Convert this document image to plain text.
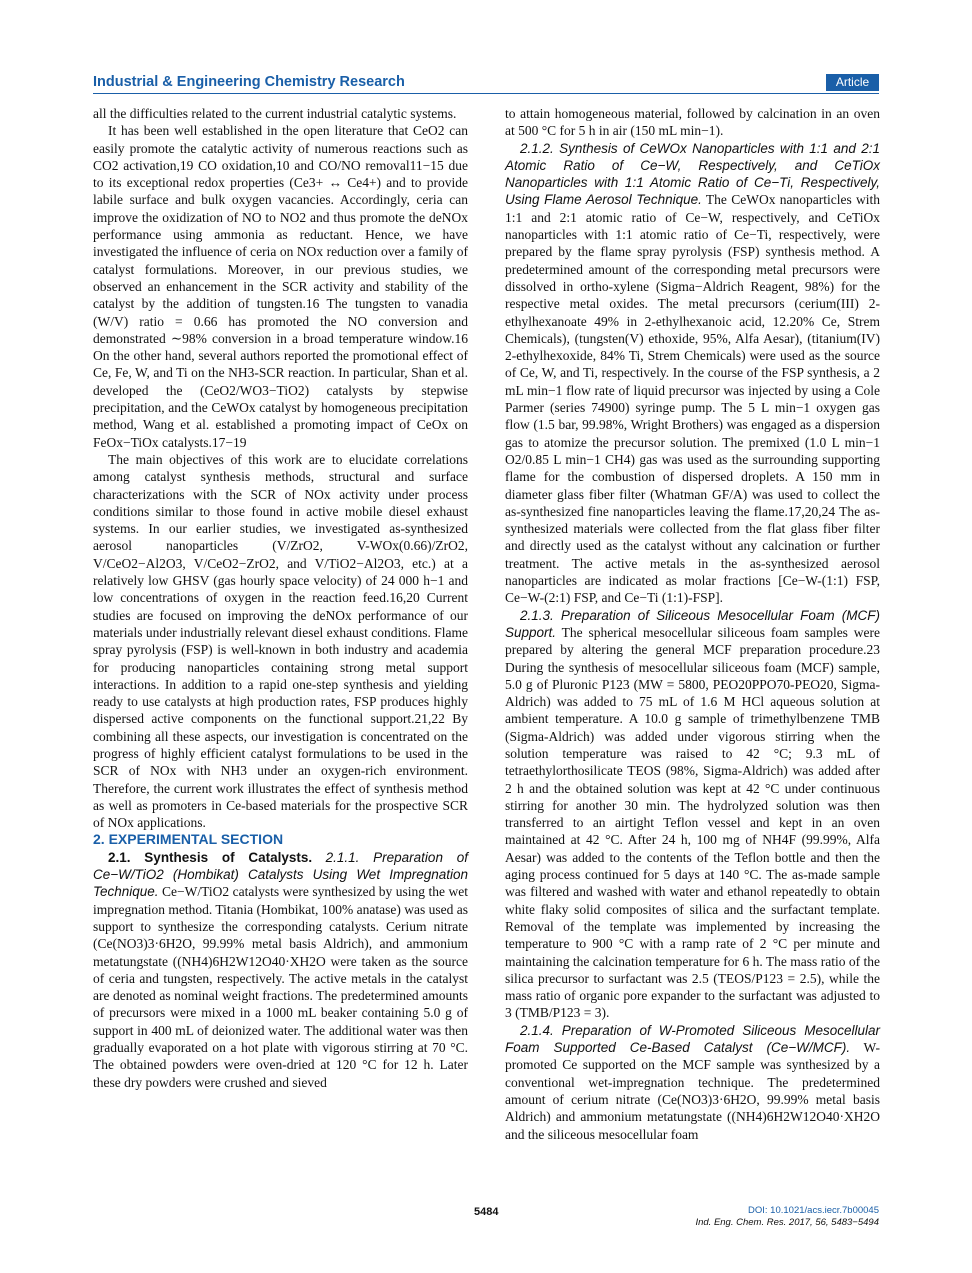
Industrial & Engineering Chemistry Research	Article

all the difficulties related to the current industrial catalytic systems.

It has been well established in the open literature that CeO2 can easily promote the catalytic activity of numerous reactions such as CO2 activation,19 CO oxidation,10 and CO/NO removal11−15 due to its exceptional redox properties (Ce3+ ↔ Ce4+) and to provide labile surface and bulk oxygen vacancies. Accordingly, ceria can improve the oxidization of NO to NO2 and thus promote the deNOx performance using ammonia as reductant. Hence, we have investigated the influence of ceria on NOx reduction over a family of catalyst formulations. Moreover, in our previous studies, we observed an enhancement in the SCR activity and stability of the catalyst by the addition of tungsten.16 The tungsten to vanadia (W/V) ratio = 0.66 has promoted the NO conversion and demonstrated ∼98% conversion in a broad temperature window.16 On the other hand, several authors reported the promotional effect of Ce, Fe, W, and Ti on the NH3-SCR reaction. In particular, Shan et al. developed the (CeO2/WO3−TiO2) catalysts by stepwise precipitation, and the CeWOx catalyst by homogeneous precipitation method, Wang et al. established a promoting impact of CeOx on FeOx−TiOx catalysts.17−19

The main objectives of this work are to elucidate correlations among catalyst synthesis methods, structural and surface characterizations with the SCR of NOx activity under process conditions similar to those found in active mobile diesel exhaust systems. In our earlier studies, we investigated as-synthesized aerosol nanoparticles (V/ZrO2, V-WOx(0.66)/ZrO2, V/CeO2−Al2O3, V/CeO2−ZrO2, and V/TiO2−Al2O3, etc.) at a relatively low GHSV (gas hourly space velocity) of 24 000 h−1 and low concentrations of oxygen in the reaction feed.16,20 Current studies are focused on improving the deNOx performance of our materials under industrially relevant diesel exhaust conditions. Flame spray pyrolysis (FSP) is well-known in both industry and academia for producing nanoparticles containing strong metal support interactions. In addition to a rapid one-step synthesis and yielding ready to use catalysts at high production rates, FSP produces highly dispersed active components on the functional support.21,22 By combining all these aspects, our investigation is concentrated on the progress of highly efficient catalyst formulations to be used in the SCR of NOx with NH3 under an oxygen-rich environment. Therefore, the current work illustrates the effect of synthesis method as well as promoters in Ce-based materials for the prospective SCR of NOx applications.

2. EXPERIMENTAL SECTION

2.1. Synthesis of Catalysts. 2.1.1. Preparation of Ce−W/TiO2 (Hombikat) Catalysts Using Wet Impregnation Technique. Ce−W/TiO2 catalysts were synthesized by using the wet impregnation method. Titania (Hombikat, 100% anatase) was used as support to synthesize the corresponding catalysts. Cerium nitrate (Ce(NO3)3·6H2O, 99.99% metal basis Aldrich), and ammonium metatungstate ((NH4)6H2W12O40·XH2O were taken as the source of ceria and tungsten, respectively. The active metals in the catalyst are denoted as nominal weight fractions. The predetermined amounts of precursors were mixed in a 1000 mL beaker containing 5.0 g of support in 400 mL of deionized water. The additional water was then gradually evaporated on a hot plate with vigorous stirring at 70 °C. The obtained powders were oven-dried at 120 °C for 12 h. Later these dry powders were crushed and sieved

to attain homogeneous material, followed by calcination in an oven at 500 °C for 5 h in air (150 mL min−1).

2.1.2. Synthesis of CeWOx Nanoparticles with 1:1 and 2:1 Atomic Ratio of Ce−W, Respectively, and CeTiOx Nanoparticles with 1:1 Atomic Ratio of Ce−Ti, Respectively, Using Flame Aerosol Technique. The CeWOx nanoparticles with 1:1 and 2:1 atomic ratio of Ce−W, respectively, and CeTiOx nanoparticles with 1:1 atomic ratio of Ce−Ti, respectively, were prepared by the flame spray pyrolysis (FSP) synthesis method. A predetermined amount of the corresponding metal precursors were dissolved in ortho-xylene (Sigma−Aldrich Reagent, 98%) for the respective metal oxides. The metal precursors (cerium(III) 2-ethylhexanoate 49% in 2-ethylhexanoic acid, 12.20% Ce, Strem Chemicals), (tungsten(V) ethoxide, 95%, Alfa Aesar), (titanium(IV) 2-ethylhexoxide, 84% Ti, Strem Chemicals) were used as the source of Ce, W, and Ti, respectively. In the course of the FSP synthesis, a 2 mL min−1 flow rate of liquid precursor was injected by using a Cole Parmer (series 74900) syringe pump. The 5 L min−1 oxygen gas flow (1.5 bar, 99.98%, Wright Brothers) was engaged as a dispersion gas to atomize the precursor solution. The premixed (1.0 L min−1 O2/0.85 L min−1 CH4) gas was used as the surrounding supporting flame for the combustion of dispersed droplets. A 150 mm in diameter glass fiber filter (Whatman GF/A) was used to collect the as-synthesized fine nanoparticles leaving the flame.17,20,24 The as-synthesized materials were collected from the flat glass fiber filter and directly used as the catalyst without any calcination or further treatment. The active metals in the as-synthesized aerosol nanoparticles are indicated as molar fractions [Ce−W-(1:1) FSP, Ce−W-(2:1) FSP, and Ce−Ti (1:1)-FSP].

2.1.3. Preparation of Siliceous Mesocellular Foam (MCF) Support. The spherical mesocellular siliceous foam samples were prepared by altering the general MCF preparation procedure.23 During the synthesis of mesocellular siliceous foam (MCF) sample, 5.0 g of Pluronic P123 (MW = 5800, PEO20PPO70-PEO20, Sigma-Aldrich) was added to 75 mL of 1.6 M HCl aqueous solution at ambient temperature. A 10.0 g sample of trimethylbenzene TMB (Sigma-Aldrich) was added under vigorous stirring when the solution temperature was raised to 42 °C; 9.3 mL of tetraethylorthosilicate TEOS (98%, Sigma-Aldrich) was added after 2 h and the obtained solution was kept at 42 °C under continuous stirring for another 30 min. The hydrolyzed solution was then transferred to an airtight Teflon vessel and kept in an oven maintained at 42 °C. After 24 h, 100 mg of NH4F (99.99%, Alfa Aesar) was added to the contents of the Teflon bottle and then the aging process continued for 5 days at 140 °C. The as-made sample was filtered and washed with water and ethanol repeatedly to obtain white flaky solid composites of silica and the surfactant template. Removal of the template was implemented by increasing the temperature to 900 °C with a ramp rate of 2 °C per minute and maintaining the calcination temperature for 6 h. The mass ratio of the silica precursor to surfactant was 2.5 (TEOS/P123 = 2.5), while the mass ratio of organic pore expander to the surfactant was adjusted to 3 (TMB/P123 = 3).

2.1.4. Preparation of W-Promoted Siliceous Mesocellular Foam Supported Ce-Based Catalyst (Ce−W/MCF). W-promoted Ce supported on the MCF sample was synthesized by a conventional wet-impregnation technique. The predetermined amount of cerium nitrate (Ce(NO3)3·6H2O, 99.99% metal basis Aldrich) and ammonium metatungstate ((NH4)6H2W12O40·XH2O and the siliceous mesocellular foam

5484	DOI: 10.1021/acs.iecr.7b00045
Ind. Eng. Chem. Res. 2017, 56, 5483−5494
